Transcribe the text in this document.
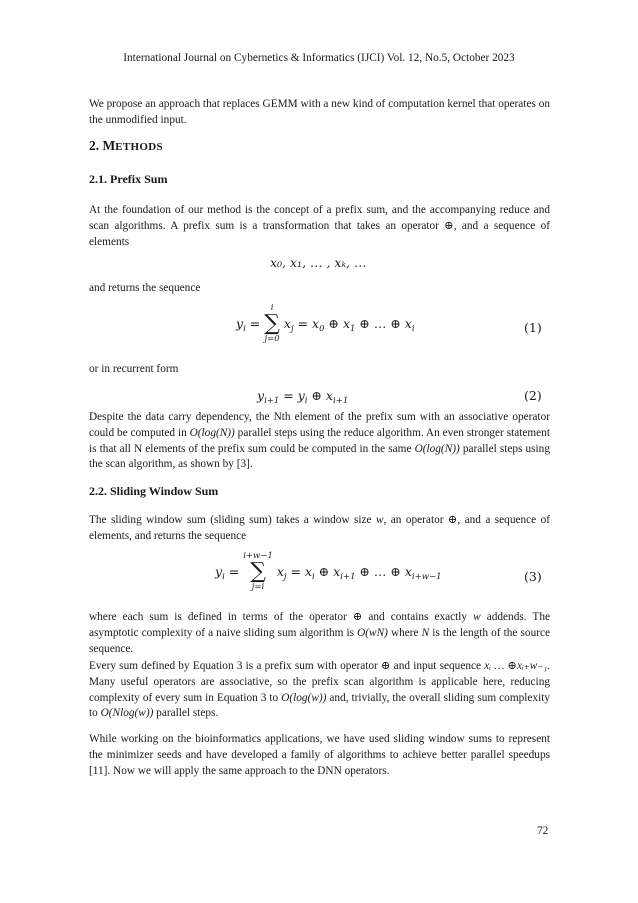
International Journal on Cybernetics & Informatics (IJCI) Vol. 12, No.5, October 2023

We propose an approach that replaces GEMM with a new kind of computation kernel that operates on the unmodified input.

2. METHODS
2.1. Prefix Sum

At the foundation of our method is the concept of a prefix sum, and the accompanying reduce and scan algorithms. A prefix sum is a transformation that takes an operator ⊕, and a sequence of elements

x₀, x₁, … , xₖ, …

and returns the sequence

$y_i$ =
i
∑
j=0
$x_j = x_0$ ⊕ $x_1$ ⊕ … ⊕ $x_i$	(1)

or in recurrent form

$y_{i+1} = y_i$ ⊕ $x_{i+1}$	(2)

Despite the data carry dependency, the Nth element of the prefix sum with an associative operator could be computed in O(log(N)) parallel steps using the reduce algorithm. An even stronger statement is that all N elements of the prefix sum could be computed in the same O(log(N)) parallel steps using the scan algorithm, as shown by [3].

2.2. Sliding Window Sum

The sliding window sum (sliding sum) takes a window size w, an operator ⊕, and a sequence of elements, and returns the sequence

$y_i$ =
i+w−1
∑
j=i
$x_j = x_i$ ⊕ $x_{i+1}$ ⊕ … ⊕ $x_{i+w-1}$	(3)

where each sum is defined in terms of the operator ⊕ and contains exactly w addends. The asymptotic complexity of a naive sliding sum algorithm is O(wN) where N is the length of the source sequence.

Every sum defined by Equation 3 is a prefix sum with operator ⊕ and input sequence xᵢ … ⊕xᵢ₊w₋₁. Many useful operators are associative, so the prefix scan algorithm is applicable here, reducing complexity of every sum in Equation 3 to O(log(w)) and, trivially, the overall sliding sum complexity to O(Nlog(w)) parallel steps.

While working on the bioinformatics applications, we have used sliding window sums to represent the minimizer seeds and have developed a family of algorithms to achieve better parallel speedups [11]. Now we will apply the same approach to the DNN operators.

72
